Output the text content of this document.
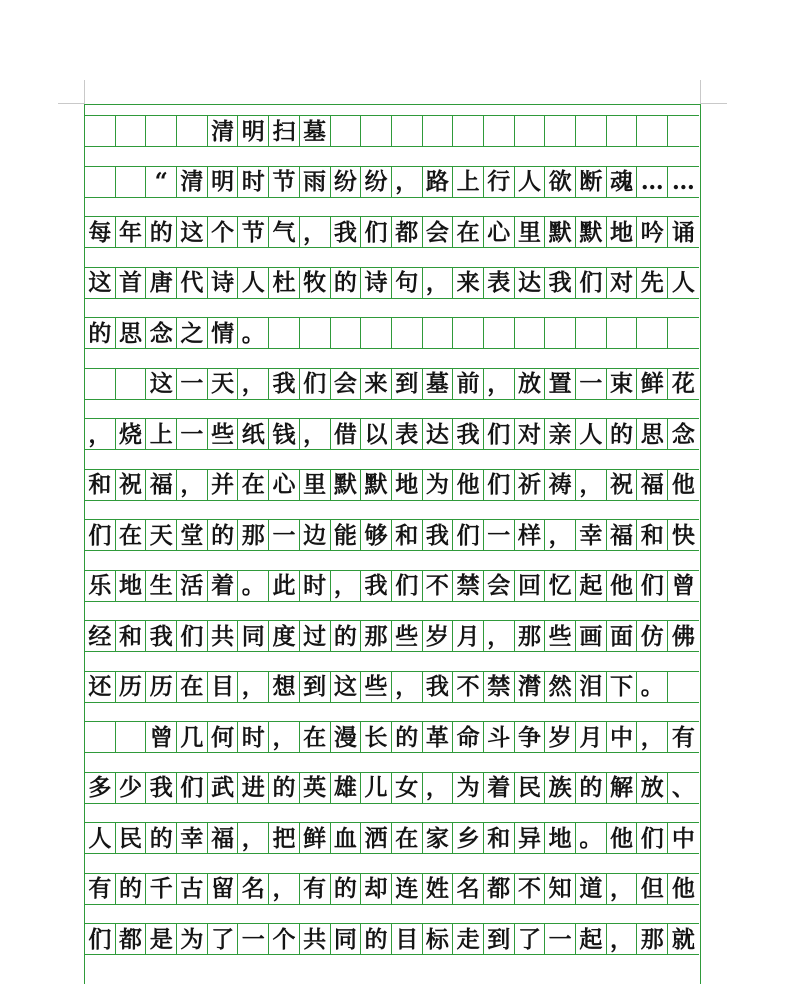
清 明 扫 墓
“ 清 明 时 节 雨 纷 纷 ， 路 上 行 人 欲 断 魂 … …
每 年 的 这 个 节 气 ， 我 们 都 会 在 心 里 默 默 地 吟 诵
这 首 唐 代 诗 人 杜 牧 的 诗 句 ， 来 表 达 我 们 对 先 人
的 思 念 之 情 。
这 一 天 ， 我 们 会 来 到 墓 前 ， 放 置 一 束 鲜 花
， 烧 上 一 些 纸 钱 ， 借 以 表 达 我 们 对 亲 人 的 思 念
和 祝 福 ， 并 在 心 里 默 默 地 为 他 们 祈 祷 ， 祝 福 他
们 在 天 堂 的 那 一 边 能 够 和 我 们 一 样 ， 幸 福 和 快
乐 地 生 活 着 。 此 时 ， 我 们 不 禁 会 回 忆 起 他 们 曾
经 和 我 们 共 同 度 过 的 那 些 岁 月 ， 那 些 画 面 仿 佛
还 历 历 在 目 ， 想 到 这 些 ， 我 不 禁 潸 然 泪 下 。
曾 几 何 时 ， 在 漫 长 的 革 命 斗 争 岁 月 中 ， 有
多 少 我 们 武 进 的 英 雄 儿 女 ， 为 着 民 族 的 解 放 、
人 民 的 幸 福 ， 把 鲜 血 洒 在 家 乡 和 异 地 。 他 们 中
有 的 千 古 留 名 ， 有 的 却 连 姓 名 都 不 知 道 ， 但 他
们 都 是 为 了 一 个 共 同 的 目 标 走 到 了 一 起 ， 那 就
